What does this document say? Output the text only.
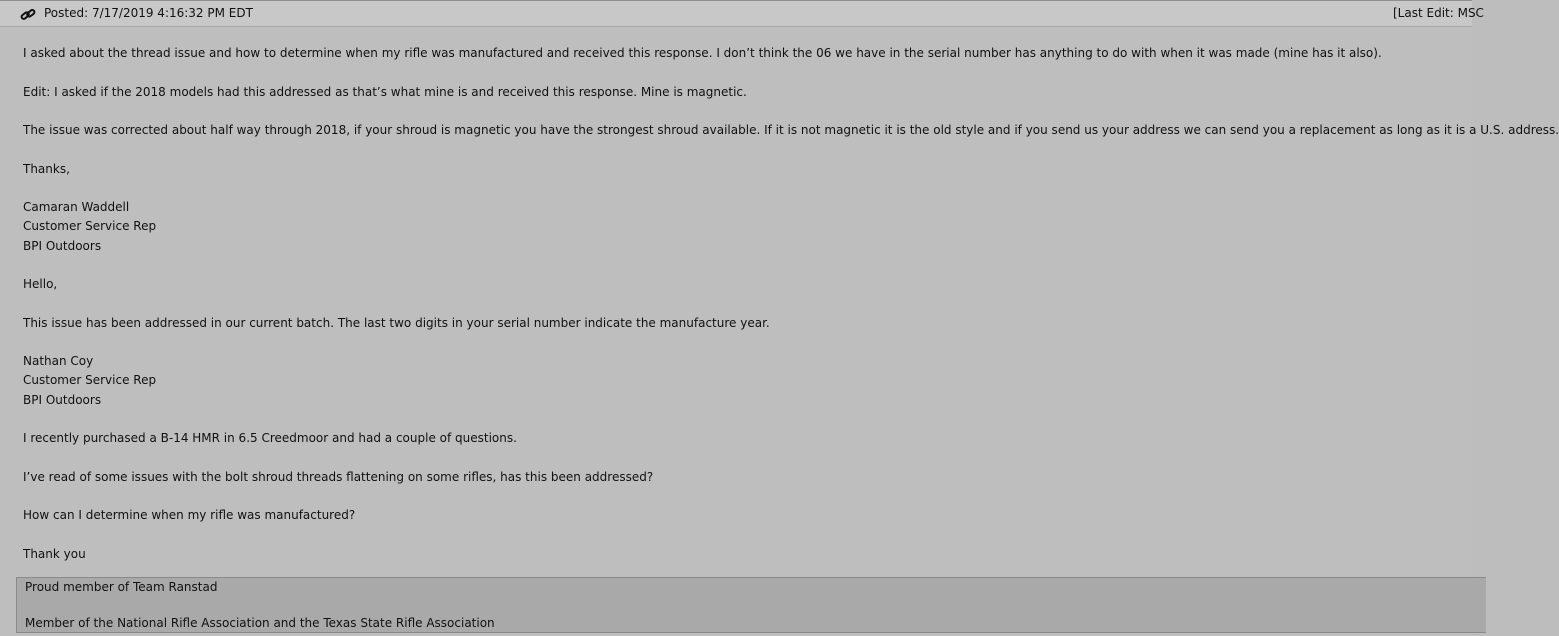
Posted: 7/17/2019 4:16:32 PM EDT	[Last Edit: MSC

I asked about the thread issue and how to determine when my rifle was manufactured and received this response. I don’t think the 06 we have in the serial number has anything to do with when it was made (mine has it also).

Edit: I asked if the 2018 models had this addressed as that’s what mine is and received this response. Mine is magnetic.

The issue was corrected about half way through 2018, if your shroud is magnetic you have the strongest shroud available. If it is not magnetic it is the old style and if you send us your address we can send you a replacement as long as it is a U.S. address.

Thanks,

Camaran Waddell

Customer Service Rep

BPI Outdoors

Hello,

This issue has been addressed in our current batch. The last two digits in your serial number indicate the manufacture year.

Nathan Coy

Customer Service Rep

BPI Outdoors

I recently purchased a B-14 HMR in 6.5 Creedmoor and had a couple of questions.

I’ve read of some issues with the bolt shroud threads flattening on some rifles, has this been addressed?

How can I determine when my rifle was manufactured?

Thank you

Proud member of Team Ranstad
Member of the National Rifle Association and the Texas State Rifle Association
